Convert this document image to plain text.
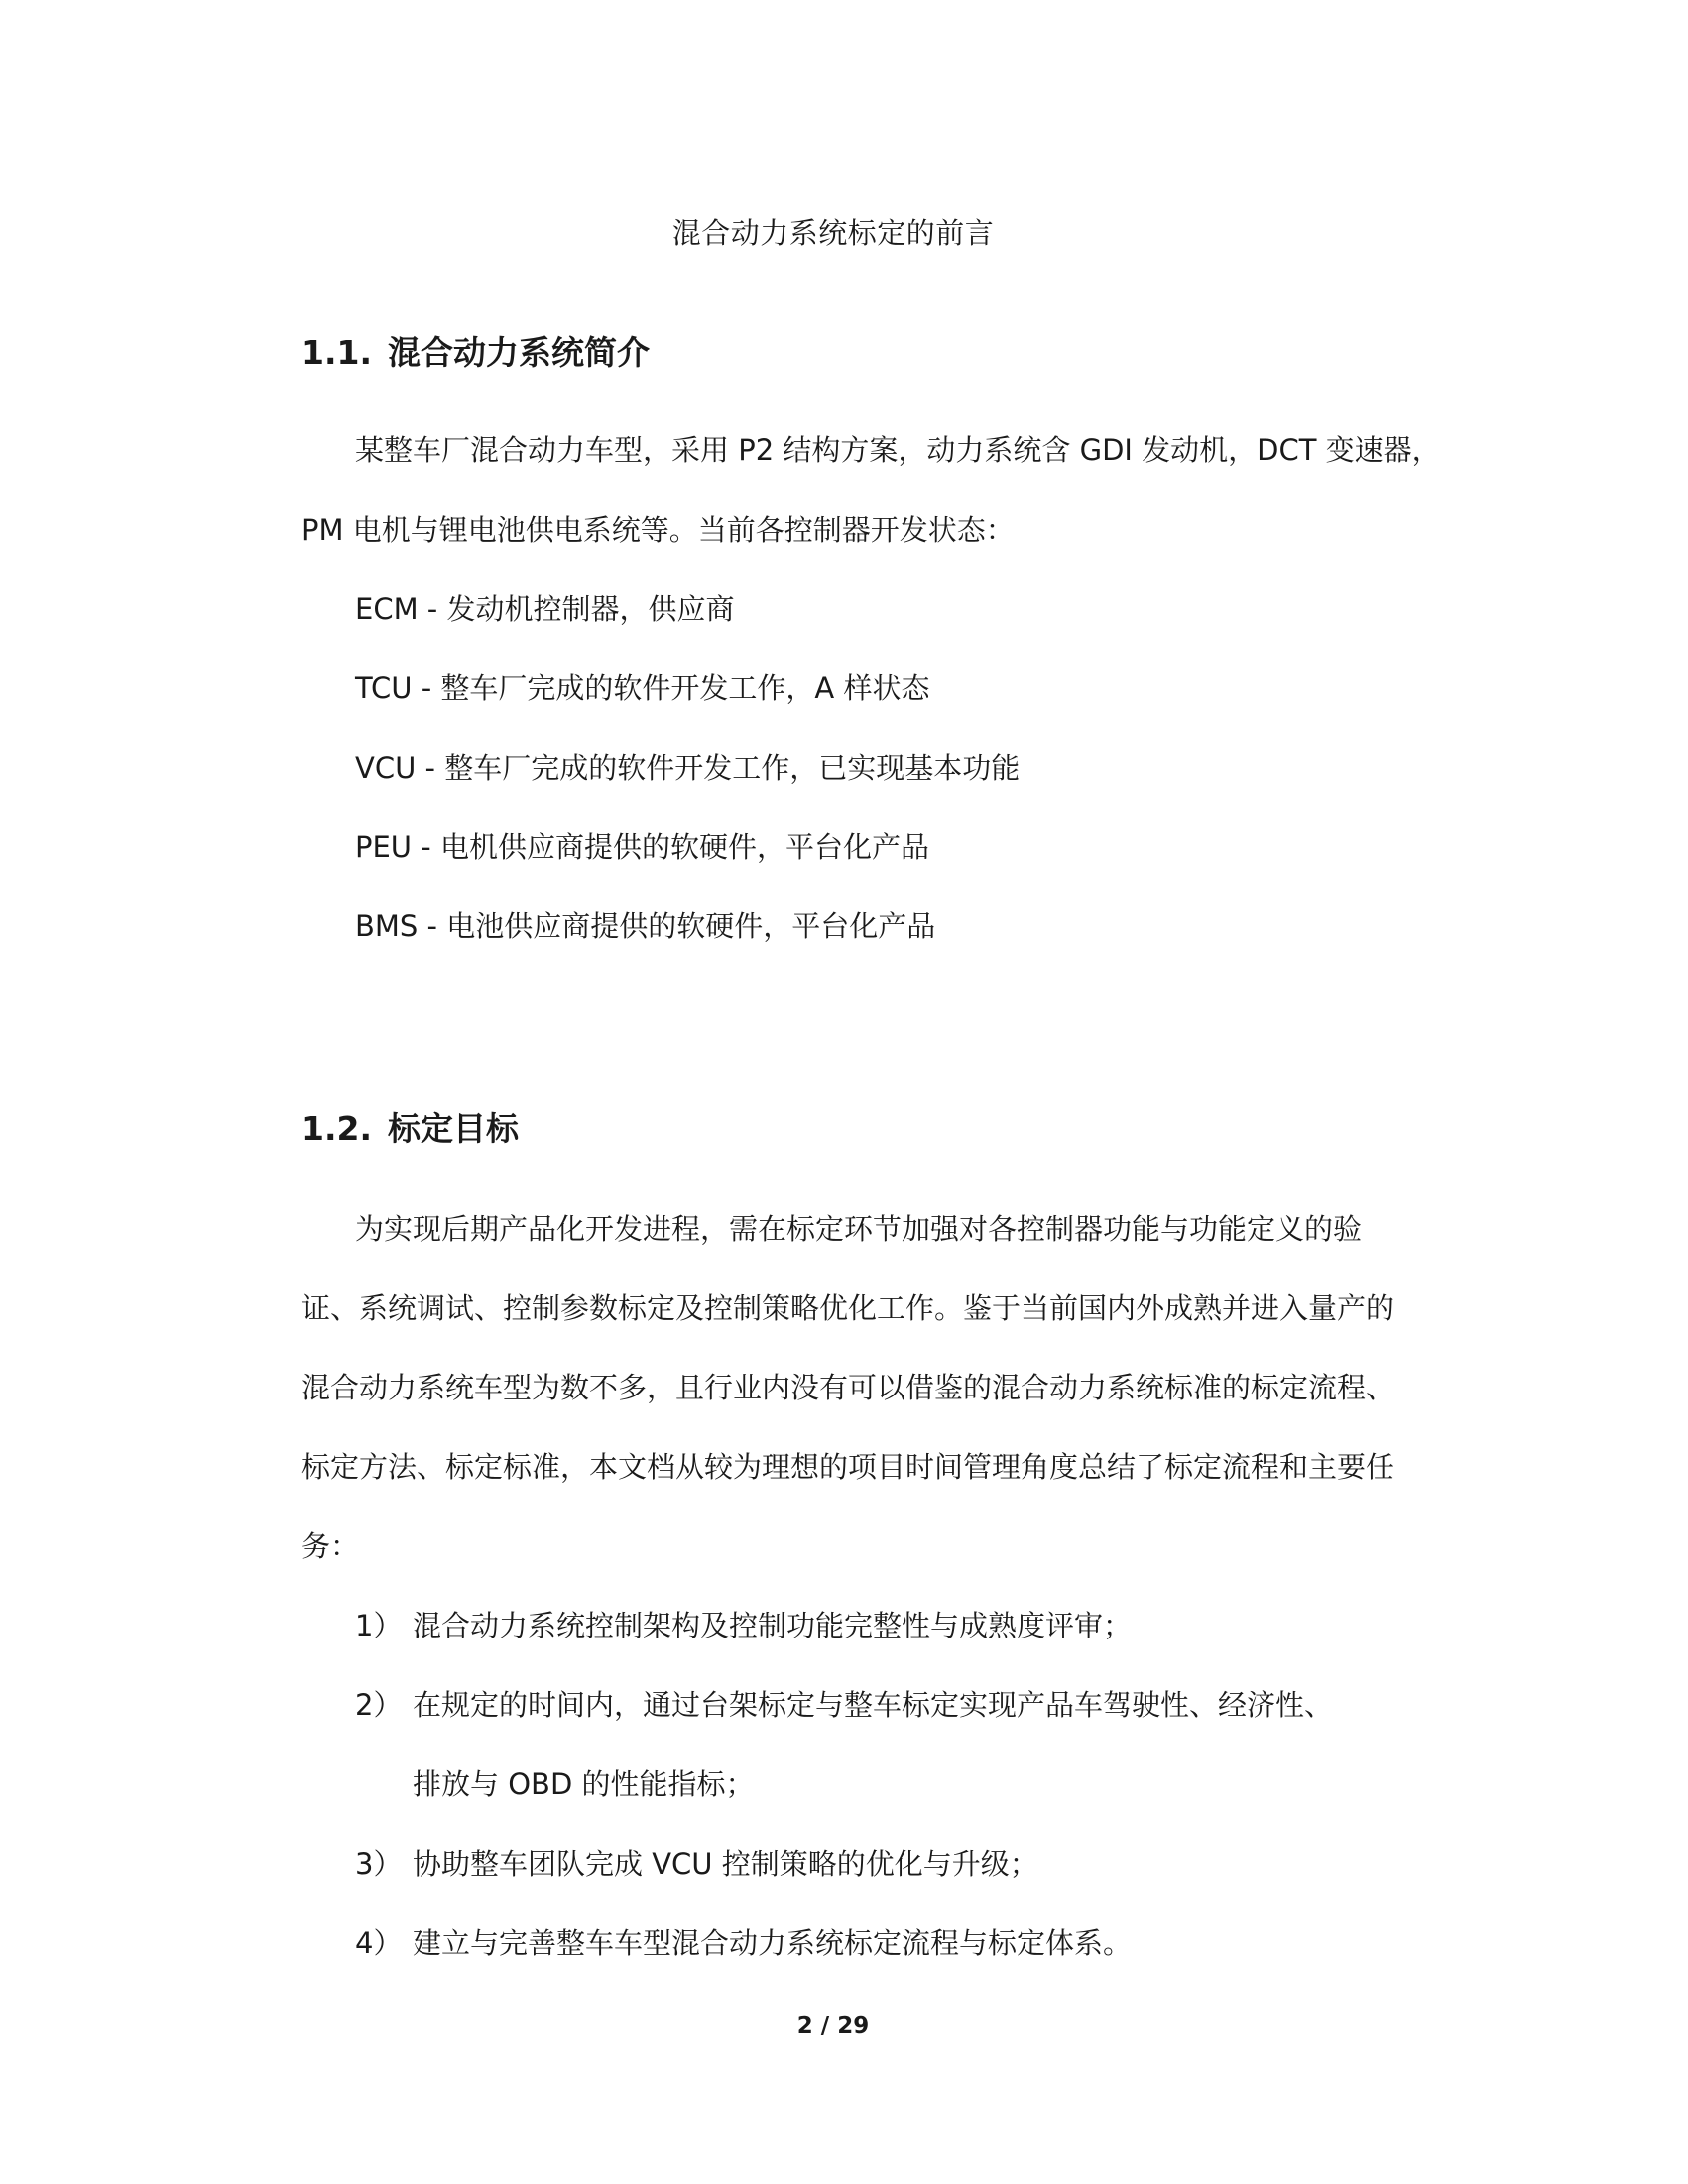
混合动力系统标定的前言
1.1. 混合动力系统简介
某整车厂混合动力车型，采用 P2 结构方案，动力系统含 GDI 发动机，DCT 变速器，
PM 电机与锂电池供电系统等。当前各控制器开发状态：
ECM - 发动机控制器，供应商
TCU - 整车厂完成的软件开发工作，A 样状态
VCU - 整车厂完成的软件开发工作，已实现基本功能
PEU - 电机供应商提供的软硬件，平台化产品
BMS - 电池供应商提供的软硬件，平台化产品
1.2. 标定目标
为实现后期产品化开发进程，需在标定环节加强对各控制器功能与功能定义的验
证、系统调试、控制参数标定及控制策略优化工作。鉴于当前国内外成熟并进入量产的
混合动力系统车型为数不多，且行业内没有可以借鉴的混合动力系统标准的标定流程、
标定方法、标定标准，本文档从较为理想的项目时间管理角度总结了标定流程和主要任
务：
1） 混合动力系统控制架构及控制功能完整性与成熟度评审；
2） 在规定的时间内，通过台架标定与整车标定实现产品车驾驶性、经济性、
排放与 OBD 的性能指标；
3） 协助整车团队完成 VCU 控制策略的优化与升级；
4） 建立与完善整车车型混合动力系统标定流程与标定体系。
2 / 29
